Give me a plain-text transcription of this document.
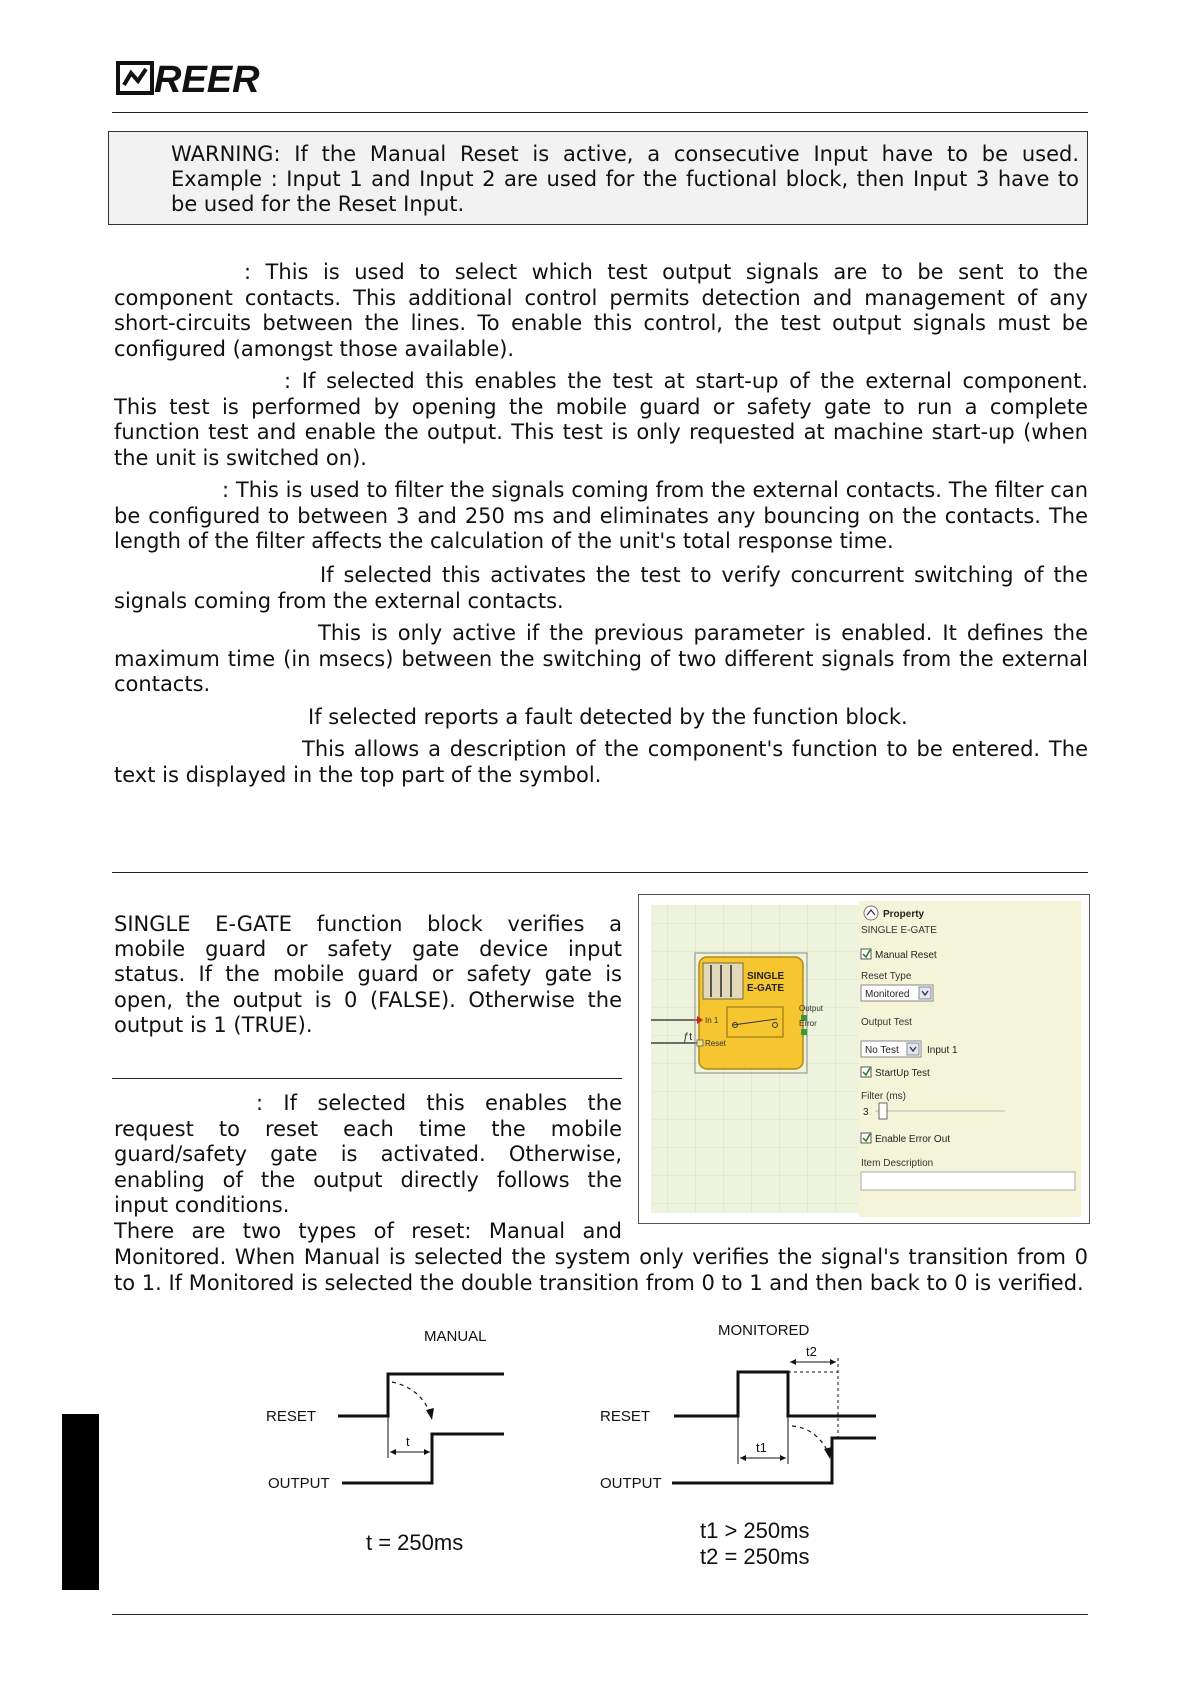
REER
WARNING: If the Manual Reset is active, a consecutive Input have to be used. Example : Input 1 and Input 2 are used for the fuctional block, then Input 3 have to be used for the Reset Input.
: This is used to select which test output signals are to be sent to the component contacts. This additional control permits detection and management of any short-circuits between the lines. To enable this control, the test output signals must be configured (amongst those available).
: If selected this enables the test at start-up of the external component. This test is performed by opening the mobile guard or safety gate to run a complete function test and enable the output. This test is only requested at machine start-up (when the unit is switched on).
: This is used to filter the signals coming from the external contacts. The filter can be configured to between 3 and 250 ms and eliminates any bouncing on the contacts. The length of the filter affects the calculation of the unit's total response time.
If selected this activates the test to verify concurrent switching of the signals coming from the external contacts.
This is only active if the previous parameter is enabled. It defines the maximum time (in msecs) between the switching of two different signals from the external contacts.
If selected reports a fault detected by the function block.
This allows a description of the component's function to be entered. The text is displayed in the top part of the symbol.
SINGLE E-GATE function block verifies a
mobile guard or safety gate device input
status. If the mobile guard or safety gate is
open, the output is 0 (FALSE). Otherwise the
output is 1 (TRUE).
: If selected this enables the
request to reset each time the mobile
guard/safety gate is activated. Otherwise,
enabling of the output directly follows the
input conditions.
There are two types of reset: Manual and
Monitored. When Manual is selected the system only verifies the signal's transition from 0 to 1. If Monitored is selected the double transition from 0 to 1 and then back to 0 is verified.
ƒt
SINGLE
E-GATE
In 1
Reset
Output
Error
Property
SINGLE E-GATE
Manual Reset
Reset Type
Monitored
Output Test
No Test	Input 1
StartUp Test
Filter (ms)
3
Enable Error Out
Item Description
MANUAL
RESET
OUTPUT
t
t = 250ms
MONITORED
RESET
OUTPUT
t2
t1
t1 > 250ms
t2 = 250ms
